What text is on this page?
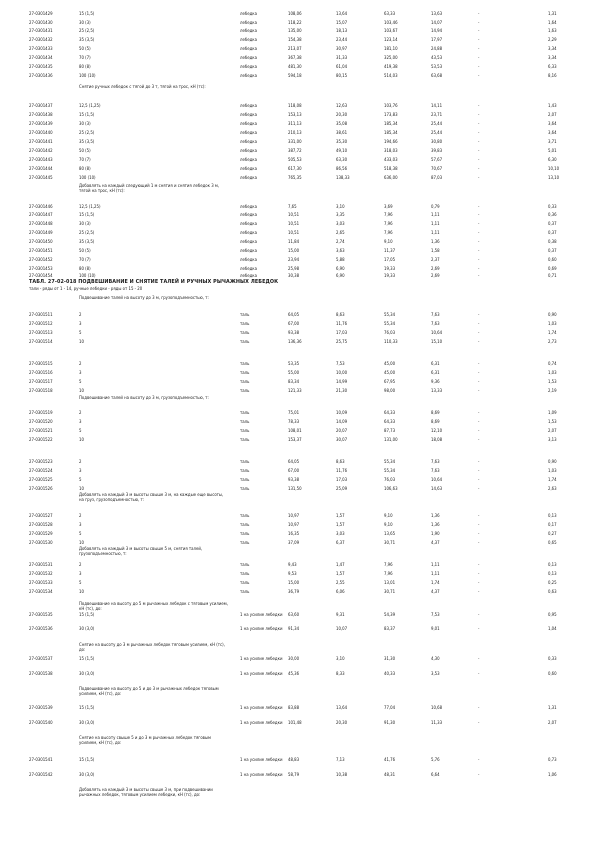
27-0301429	15 (1,5)	лебедка	108,06	13,64	63,33	13,63	-	1,31
27-0301430	30 (3)	лебедка	118,22	15,07	103,46	14,07	-	1,64
27-0301431	25 (2,5)	лебедка	135,00	18,13	103,67	14,94	-	1,63
27-0301432	35 (3,5)	лебедка	154,38	23,44	123,14	17,97	-	2,29
27-0301433	50 (5)	лебедка	213,07	30,97	181,10	24,88	-	3,34
27-0301434	70 (7)	лебедка	367,38	31,33	325,00	43,53	-	3,34
27-0301435	80 (8)	лебедка	481,30	61,04	419,38	53,53	-	6,33
27-0301436	100 (10)	лебедка	594,18	80,15	514,03	63,68	-	8,16
Снятие ручных лебедок с тягой до 3 т, тягой на трос, кН (тс):
27-0301437	12,5 (1,25)	лебедка	118,08	12,63	103,76	14,11	-	1,43
27-0301438	15 (1,5)	лебедка	153,13	20,30	173,83	23,71	-	2,07
27-0301439	30 (3)	лебедка	311,13	35,08	185,34	25,44	-	3,64
27-0301440	25 (2,5)	лебедка	210,13	38,61	185,34	25,44	-	3,64
27-0301441	35 (3,5)	лебедка	331,00	35,30	194,66	30,80	-	3,71
27-0301442	50 (5)	лебедка	387,72	49,10	318,03	39,83	-	5,01
27-0301443	70 (7)	лебедка	505,53	63,30	433,03	57,67	-	6,30
27-0301444	80 (8)	лебедка	617,30	86,56	518,38	70,67	-	10,10
27-0301445	100 (10)	лебедка	765,35	138,33	636,00	87,03	-	13,10
Добавлять на каждый следующий 1 м снятия и снятия лебедок 3 м, тягой на трос, кН (тс):
27-0301446	12,5 (1,25)	лебедка	7,65	3,10	3,69	0,79	-	0,33
27-0301447	15 (1,5)	лебедка	10,51	3,35	7,96	1,11	-	0,36
27-0301448	30 (3)	лебедка	10,51	3,03	7,96	1,11	-	0,37
27-0301449	25 (2,5)	лебедка	10,51	2,65	7,96	1,11	-	0,37
27-0301450	35 (3,5)	лебедка	11,84	2,74	9,10	1,36	-	0,38
27-0301451	50 (5)	лебедка	15,00	3,63	11,37	1,58	-	0,37
27-0301452	70 (7)	лебедка	23,94	5,88	17,05	2,37	-	0,60
27-0301453	80 (8)	лебедка	25,98	6,90	19,33	2,69	-	0,69
27-0301454	100 (10)	лебедка	30,38	6,90	19,33	2,69	-	0,71
ТАБЛ. 27-02-018 ПОДВЕШИВАНИЕ И СНЯТИЕ ТАЛЕЙ И РУЧНЫХ РЫЧАЖНЫХ ЛЕБЕДОК
тали - ряды от 1 - 14, ручные лебедки - ряды от 15 - 20
Подвешивание талей на высоту до 3 м, грузоподъемностью, т:
27-0301511	2	таль	64,05	8,63	55,34	7,63	-	0,90
27-0301512	3	таль	67,00	11,76	55,34	7,63	-	1,03
27-0301513	5	таль	93,38	17,03	76,03	10,64	-	1,74
27-0301514	10	таль	136,36	25,75	110,33	15,10	-	2,73
27-0301515	2	таль	53,35	7,53	45,00	6,31	-	0,74
27-0301516	3	таль	55,00	10,00	45,00	6,31	-	1,03
27-0301517	5	таль	83,34	14,99	67,95	9,36	-	1,53
27-0301518	10	таль	121,33	21,30	98,00	13,33	-	2,19
Подвешивание талей на высоту до 3 м, грузоподъемностью, т:
27-0301519	2	таль	75,01	10,09	64,33	8,69	-	1,09
27-0301520	3	таль	78,33	14,09	64,33	8,69	-	1,53
27-0301521	5	таль	108,01	20,07	87,73	12,10	-	2,07
27-0301522	10	таль	153,37	30,07	131,00	18,08	-	3,13
27-0301523	2	таль	64,05	8,63	55,34	7,63	-	0,90
27-0301524	3	таль	67,00	11,76	55,34	7,63	-	1,03
27-0301525	5	таль	93,38	17,03	76,03	10,64	-	1,74
27-0301526	10	таль	131,50	25,09	106,63	14,63	-	2,63
Добавлять на каждый 3 м высоты свыше 3 м, на каждые еще высоты, на груз, грузоподъемностью, т:
27-0301527	2	таль	10,97	1,57	9,10	1,36	-	0,13
27-0301528	3	таль	10,97	1,57	9,10	1,36	-	0,17
27-0301529	5	таль	16,35	3,03	13,65	1,90	-	0,27
27-0301530	10	таль	37,09	6,37	30,71	4,37	-	0,65
Добавлять на каждый 3 м высоты свыше 5 м, снятия талей, грузоподъемностью, т:
27-0301531	2	таль	9,43	1,47	7,96	1,11	-	0,13
27-0301532	3	таль	9,53	1,57	7,96	1,11	-	0,13
27-0301533	5	таль	15,00	2,55	13,01	1,74	-	0,25
27-0301534	10	таль	36,79	6,06	30,71	4,37	-	0,63
Подвешивание на высоту до 5 м рычажных лебедок с тяговым усилием, кН (тс), до:
27-0301535	15 (1,5)	1 на усилие лебедки 63,60	9,31	54,39	7,53	-	0,95
27-0301536	30 (3,0)	1 на усилие лебедки 91,34	10,07	83,37	9,01	-	1,04
Снятие на высоту до 3 м рычажных лебедок тяговым усилием, кН (тс), до:
27-0301537	15 (1,5)	1 на усилие лебедки 30,00	3,10	31,30	4,30	-	0,33
27-0301538	30 (3,0)	1 на усилие лебедки 45,36	8,33	40,33	3,53	-	0,60
Подвешивание на высоту до 5 и до 3 м рычажных лебедок тяговым усилием, кН (тс), до:
27-0301539	15 (1,5)	1 на усилие лебедки 83,88	13,64	77,04	10,68	-	1,31
27-0301540	30 (3,0)	1 на усилие лебедки 101,48	20,30	91,30	11,33	-	2,07
Снятие на высоту свыше 5 и до 3 м рычажных лебедок тяговым усилием, кН (тс), до:
27-0301541	15 (1,5)	1 на усилие лебедки 48,83	7,13	41,76	5,76	-	0,73
27-0301542	30 (3,0)	1 на усилие лебедки 58,79	10,38	48,31	6,64	-	1,06
Добавлять на каждый 3 м высоты свыше 3 м, при подвешивании рычажных лебедок, тяговым усилием лебедки, кН (тс), до:
